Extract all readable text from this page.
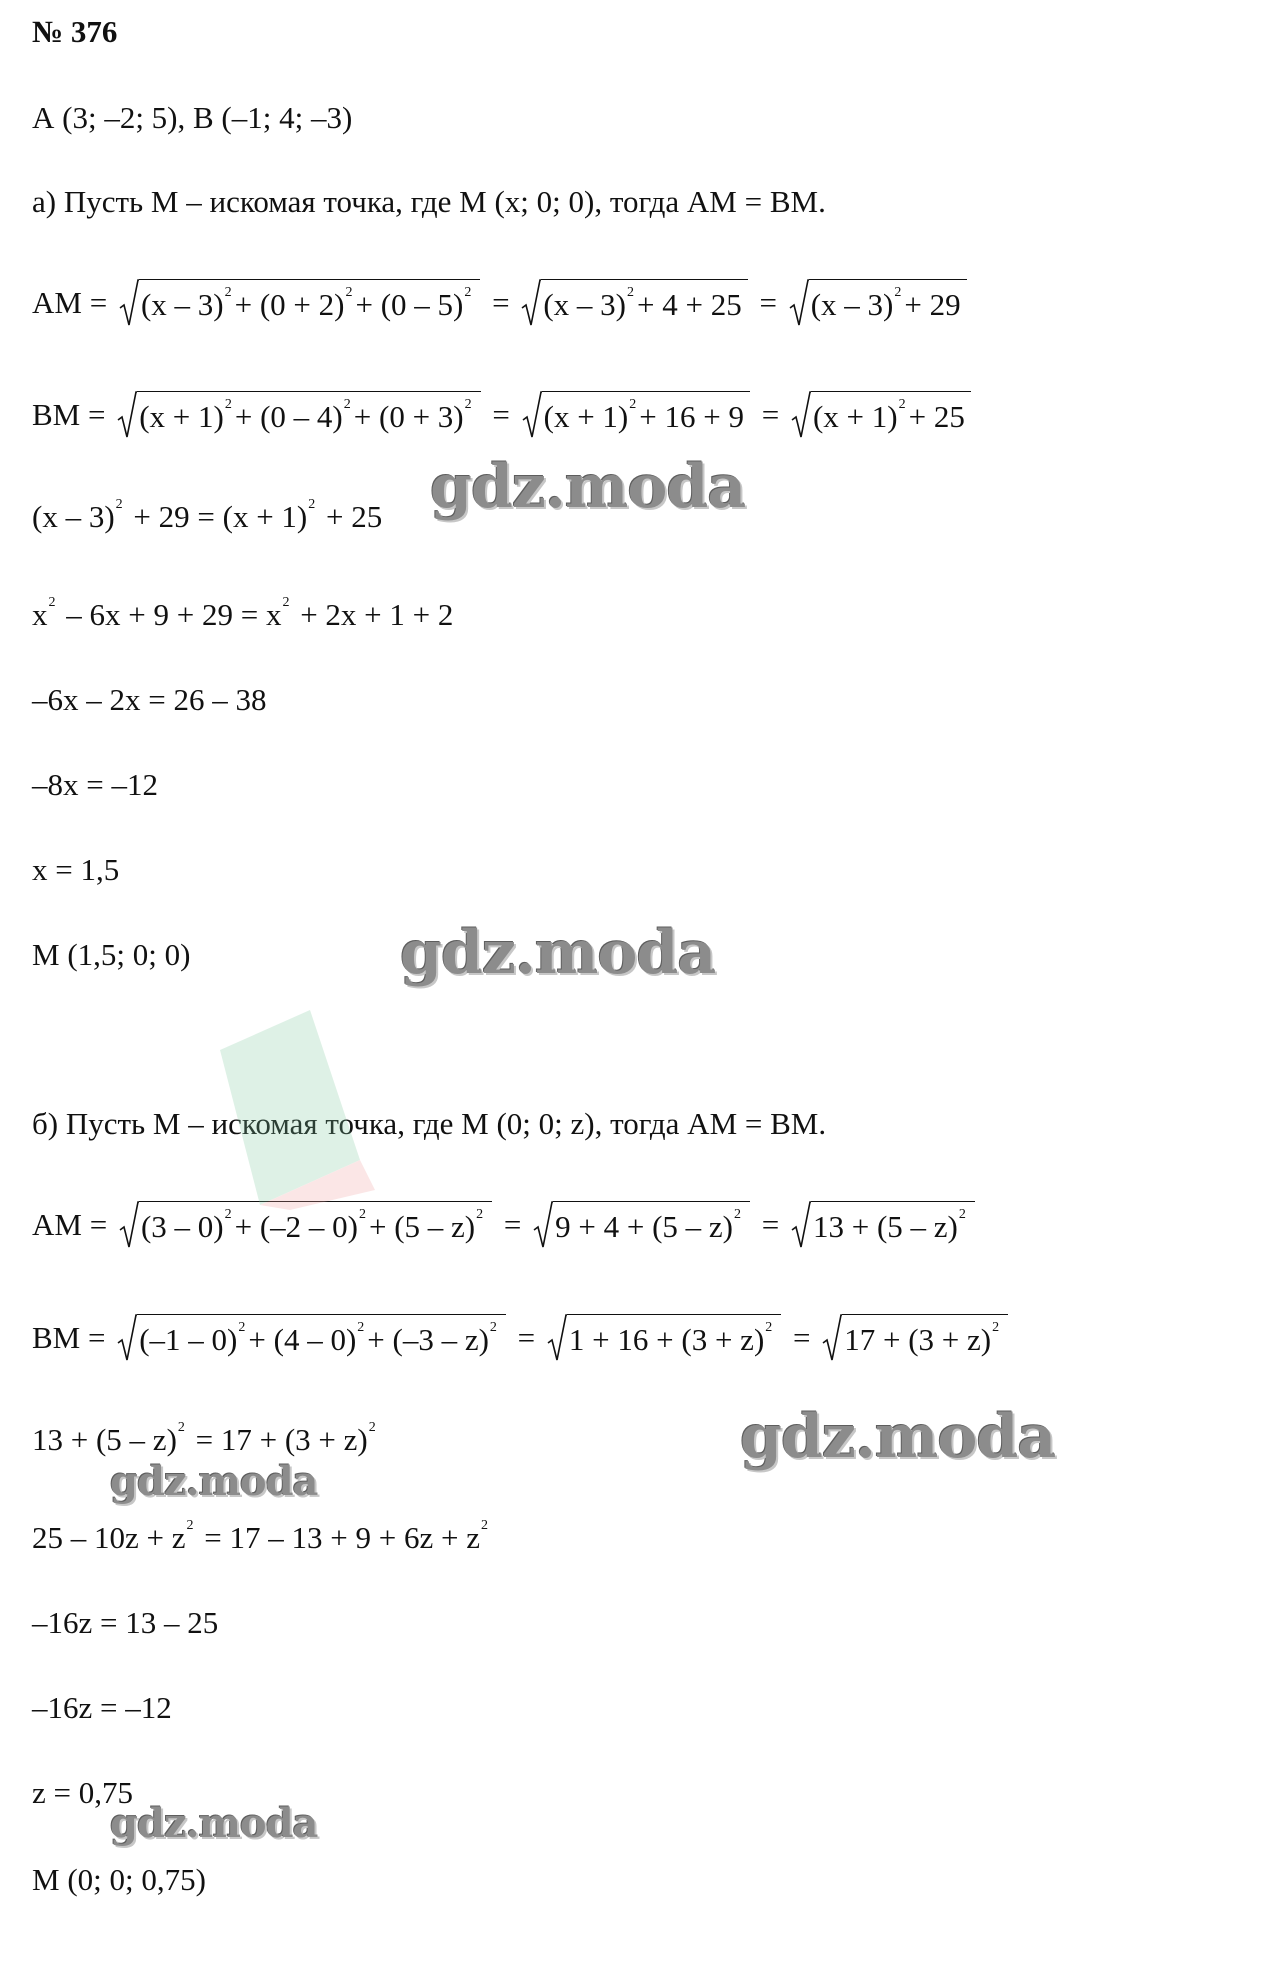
№ 376
А (3; –2; 5), В (–1; 4; –3)
а) Пусть М – искомая точка, где М (x; 0; 0), тогда АМ = ВМ.
AM = (x – 3) 2 + (0 + 2) 2 + (0 – 5) 2 = (x – 3) 2 + 4 + 25 = (x – 3) 2 + 29
BM = (x + 1) 2 + (0 – 4) 2 + (0 + 3) 2 = (x + 1) 2 + 16 + 9 = (x + 1) 2 + 25
(x – 3) 2 + 29 = (x + 1) 2 + 25
x 2 – 6x + 9 + 29 = x 2 + 2x + 1 + 2
–6x – 2x = 26 – 38
–8x = –12
x = 1,5
М (1,5; 0; 0)
б) Пусть М – искомая точка, где М (0; 0; z), тогда АМ = ВМ.
AM = (3 – 0) 2 + (–2 – 0) 2 + (5 – z) 2 = 9 + 4 + (5 – z) 2 = 13 + (5 – z) 2
BM = (–1 – 0) 2 + (4 – 0) 2 + (–3 – z) 2 = 1 + 16 + (3 + z) 2 = 17 + (3 + z) 2
13 + (5 – z) 2 = 17 + (3 + z) 2
25 – 10z + z 2 = 17 – 13 + 9 + 6z + z 2
–16z = 13 – 25
–16z = –12
z = 0,75
М (0; 0; 0,75)
gdz.moda
gdz.moda
gdz.moda
gdz.moda
gdz.moda
